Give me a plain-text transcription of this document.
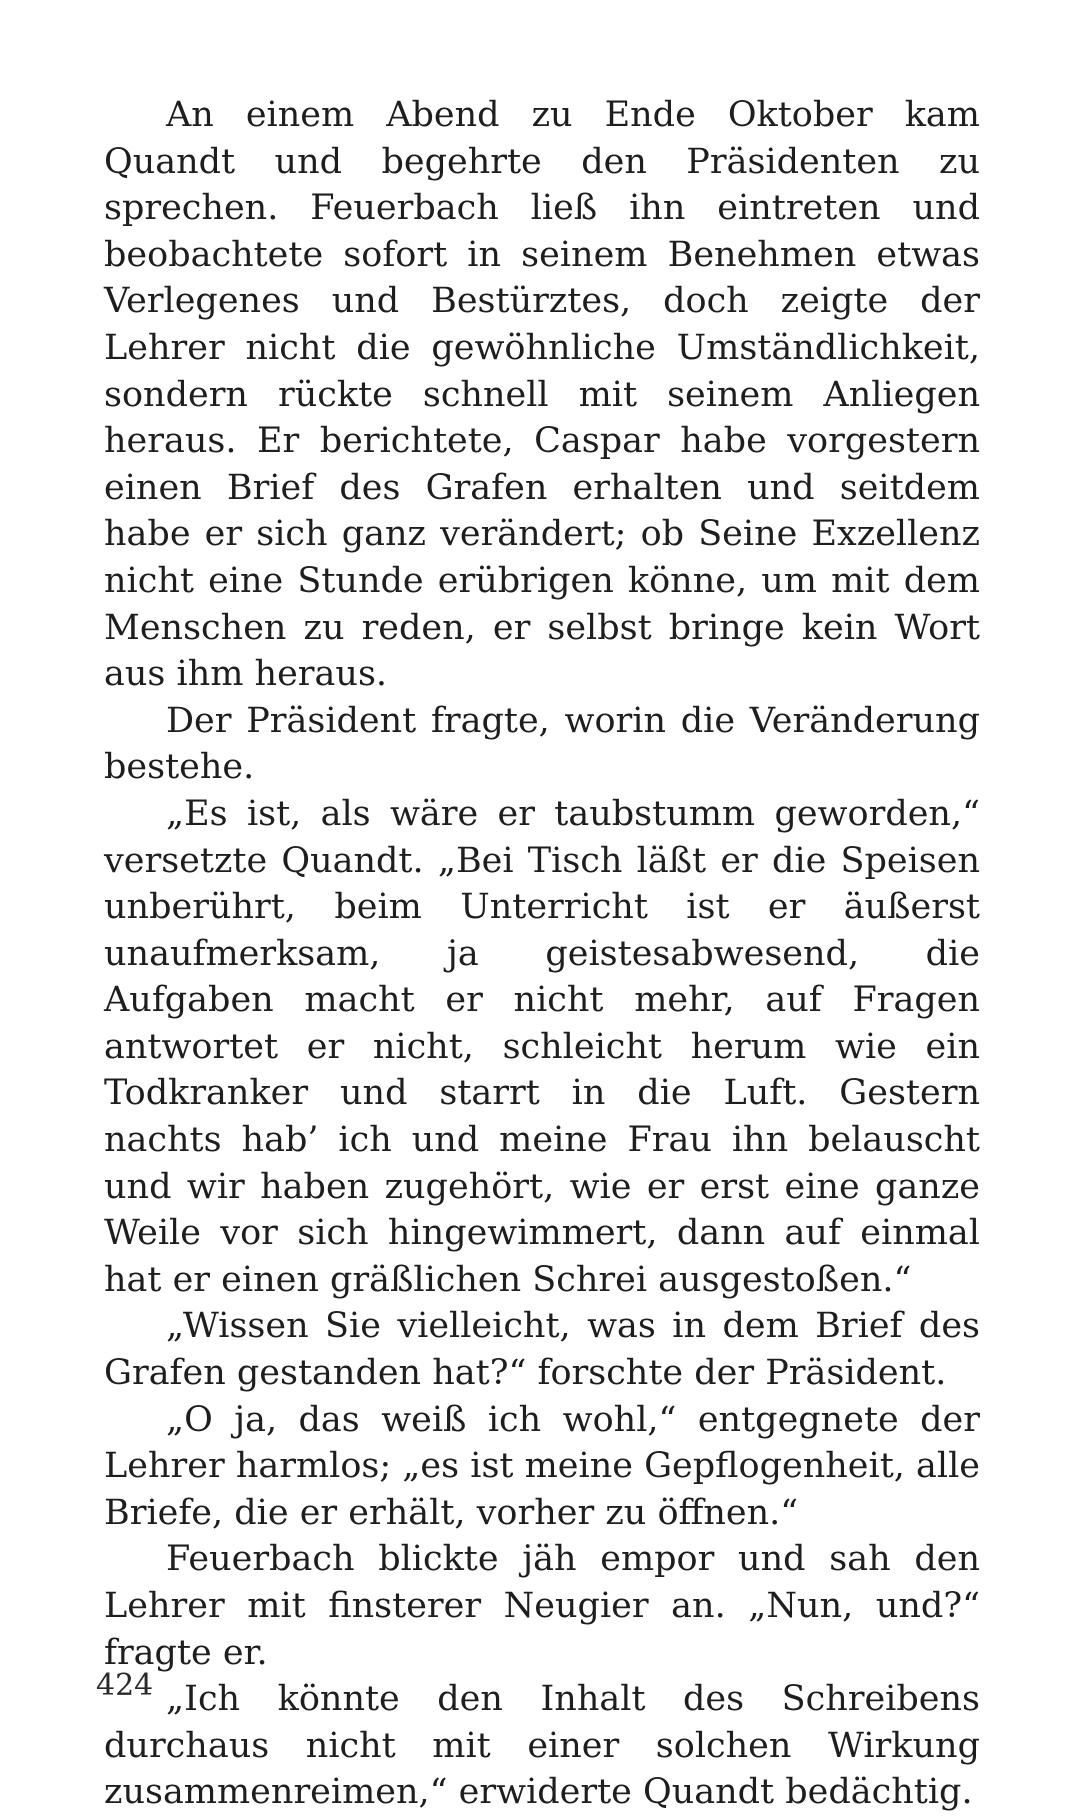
An einem Abend zu Ende Oktober kam Quandt und begehrte den Präsidenten zu sprechen. Feuerbach ließ ihn eintreten und beobachtete sofort in seinem Benehmen etwas Verlegenes und Bestürztes, doch zeigte der Lehrer nicht die gewöhnliche Umständlichkeit, sondern rückte schnell mit seinem Anliegen heraus. Er berichtete, Caspar habe vorgestern einen Brief des Grafen erhalten und seitdem habe er sich ganz verändert; ob Seine Exzellenz nicht eine Stunde erübrigen könne, um mit dem Menschen zu reden, er selbst bringe kein Wort aus ihm heraus.

Der Präsident fragte, worin die Veränderung bestehe.

„Es ist, als wäre er taubstumm geworden,“ versetzte Quandt. „Bei Tisch läßt er die Speisen unberührt, beim Unterricht ist er äußerst unaufmerksam, ja geistesabwesend, die Aufgaben macht er nicht mehr, auf Fragen antwortet er nicht, schleicht herum wie ein Todkranker und starrt in die Luft. Gestern nachts hab’ ich und meine Frau ihn belauscht und wir haben zugehört, wie er erst eine ganze Weile vor sich hingewimmert, dann auf einmal hat er einen gräßlichen Schrei ausgestoßen.“

„Wissen Sie vielleicht, was in dem Brief des Grafen gestanden hat?“ forschte der Präsident.

„O ja, das weiß ich wohl,“ entgegnete der Lehrer harmlos; „es ist meine Gepflogenheit, alle Briefe, die er erhält, vorher zu öffnen.“

Feuerbach blickte jäh empor und sah den Lehrer mit finsterer Neugier an. „Nun, und?“ fragte er.

„Ich könnte den Inhalt des Schreibens durchaus nicht mit einer solchen Wirkung zusammenreimen,“ erwiderte Quandt bedächtig.

424
